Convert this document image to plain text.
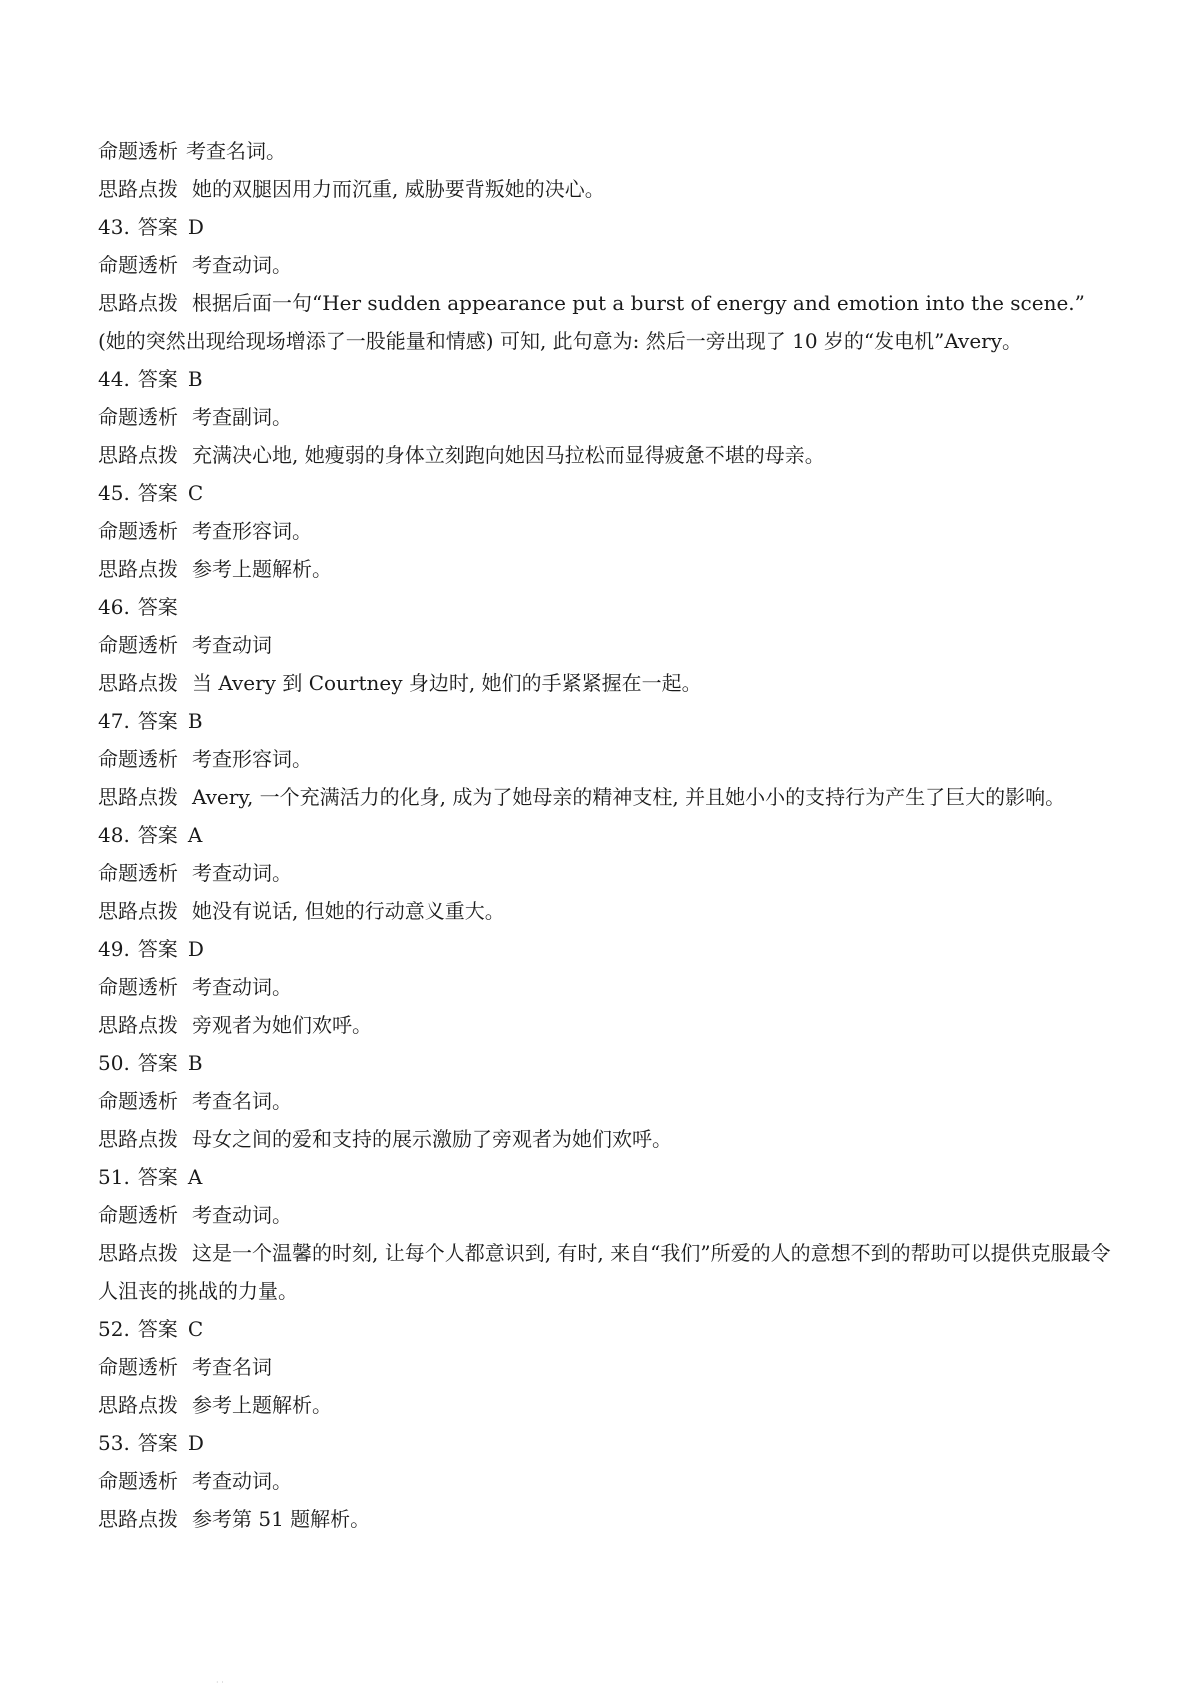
命题透析 考查名词。
思路点拨 她的双腿因用力而沉重, 威胁要背叛她的决心。
43. 答案 D
命题透析 考查动词。
思路点拨 根据后面一句“Her sudden appearance put a burst of energy and emotion into the scene.” (她的突然出现给现场增添了一股能量和情感) 可知, 此句意为: 然后一旁出现了 10 岁的“发电机”Avery。
44. 答案 B
命题透析 考查副词。
思路点拨 充满决心地, 她瘦弱的身体立刻跑向她因马拉松而显得疲惫不堪的母亲。
45. 答案 C
命题透析 考查形容词。
思路点拨 参考上题解析。
46. 答案
命题透析 考查动词
思路点拨 当 Avery 到 Courtney 身边时, 她们的手紧紧握在一起。
47. 答案 B
命题透析 考查形容词。
思路点拨 Avery, 一个充满活力的化身, 成为了她母亲的精神支柱, 并且她小小的支持行为产生了巨大的影响。
48. 答案 A
命题透析 考查动词。
思路点拨 她没有说话, 但她的行动意义重大。
49. 答案 D
命题透析 考查动词。
思路点拨 旁观者为她们欢呼。
50. 答案 B
命题透析 考查名词。
思路点拨 母女之间的爱和支持的展示激励了旁观者为她们欢呼。
51. 答案 A
命题透析 考查动词。
思路点拨 这是一个温馨的时刻, 让每个人都意识到, 有时, 来自“我们”所爱的人的意想不到的帮助可以提供克服最令人沮丧的挑战的力量。
52. 答案 C
命题透析 考查名词
思路点拨 参考上题解析。
53. 答案 D
命题透析 考查动词。
思路点拨 参考第 51 题解析。
· ·
